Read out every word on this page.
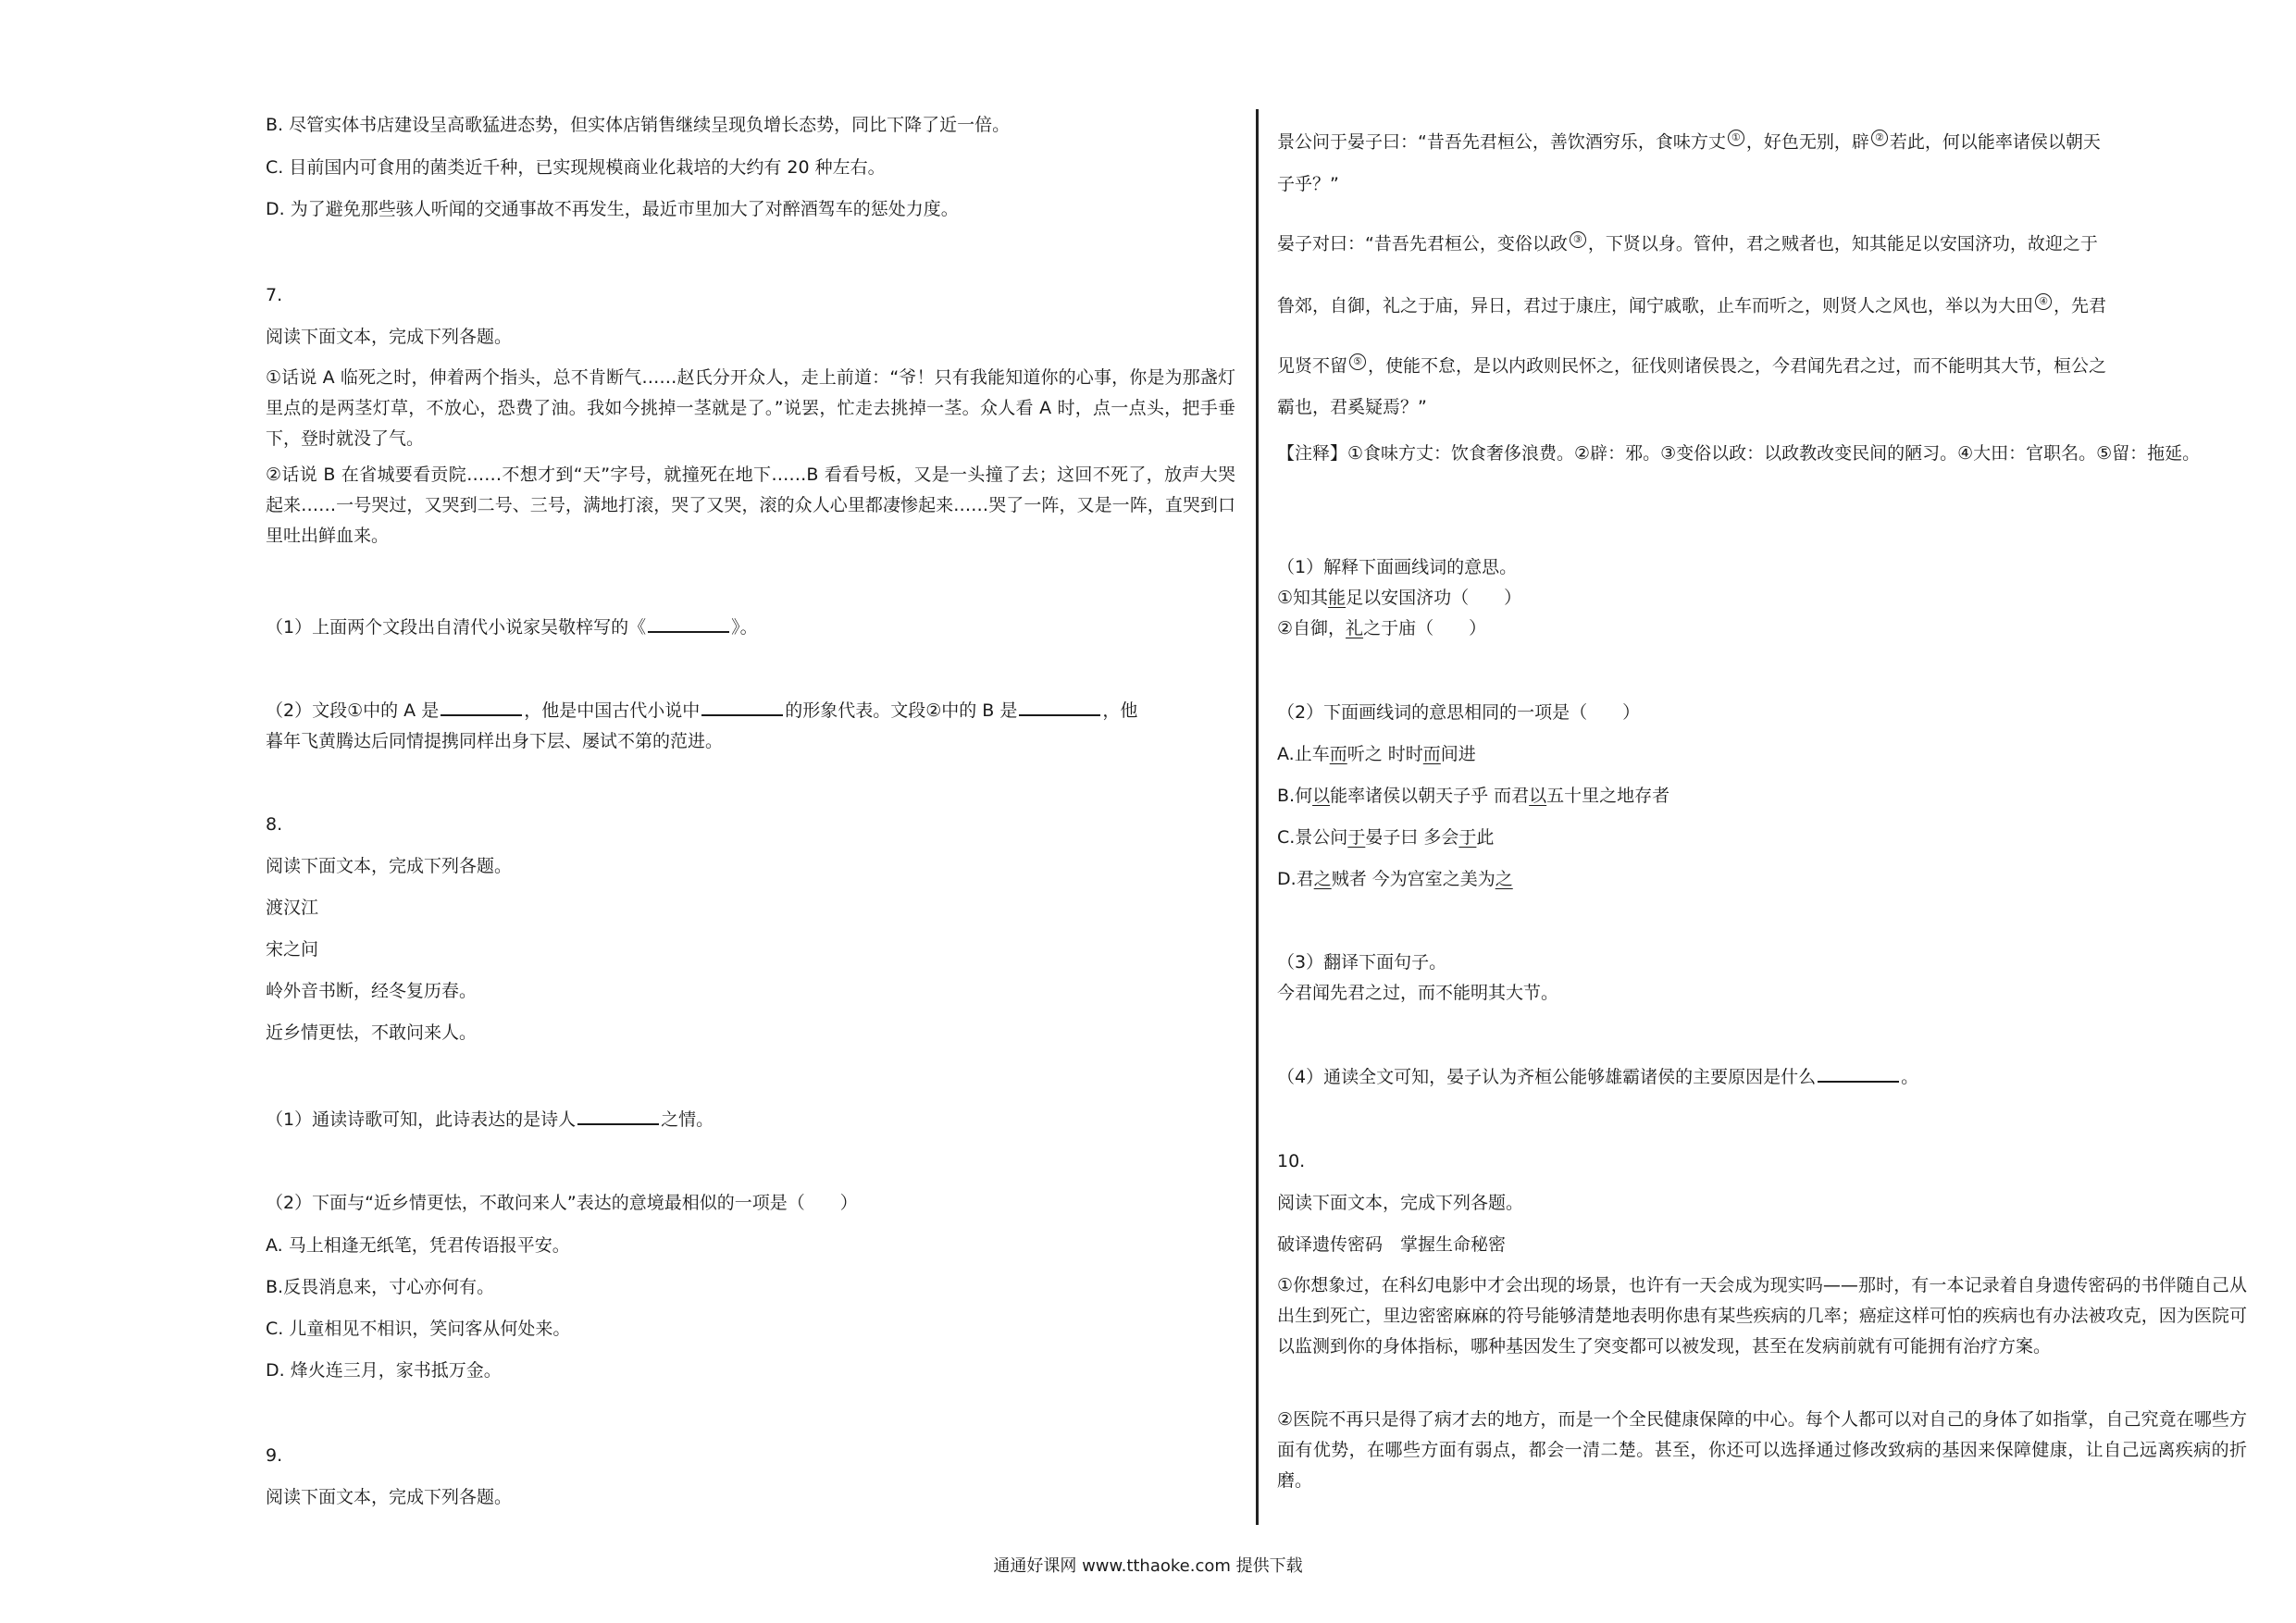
B. 尽管实体书店建设呈高歌猛进态势，但实体店销售继续呈现负增长态势，同比下降了近一倍。
C. 目前国内可食用的菌类近千种，已实现规模商业化栽培的大约有 20 种左右。
D. 为了避免那些骇人听闻的交通事故不再发生，最近市里加大了对醉酒驾车的惩处力度。
7.
阅读下面文本，完成下列各题。
①话说 A 临死之时，伸着两个指头，总不肯断气……赵氏分开众人，走上前道：“爷！只有我能知道你的心事，你是为那盏灯里点的是两茎灯草，不放心，恐费了油。我如今挑掉一茎就是了。”说罢，忙走去挑掉一茎。众人看 A 时，点一点头，把手垂下，登时就没了气。
②话说 B 在省城要看贡院……不想才到“天”字号，就撞死在地下……B 看看号板，又是一头撞了去；这回不死了，放声大哭起来……一号哭过，又哭到二号、三号，满地打滚，哭了又哭，滚的众人心里都凄惨起来……哭了一阵，又是一阵，直哭到口里吐出鲜血来。
（1）上面两个文段出自清代小说家吴敬梓写的《	》。
（2）文段①中的 A 是	，他是中国古代小说中	的形象代表。文段②中的 B 是	，他
暮年飞黄腾达后同情提携同样出身下层、屡试不第的范进。
8.
阅读下面文本，完成下列各题。
渡汉江
宋之问
岭外音书断，经冬复历春。
近乡情更怯，不敢问来人。
（1）通读诗歌可知，此诗表达的是诗人	之情。
（2）下面与“近乡情更怯，不敢问来人”表达的意境最相似的一项是（　　）
A. 马上相逢无纸笔，凭君传语报平安。
B.反畏消息来，寸心亦何有。
C. 儿童相见不相识，笑问客从何处来。
D. 烽火连三月，家书抵万金。
9.
阅读下面文本，完成下列各题。
景公问于晏子曰：“昔吾先君桓公，善饮酒穷乐，食味方丈 ① ，好色无别，辟 ② 若此，何以能率诸侯以朝天
子乎？”
晏子对曰：“昔吾先君桓公，变俗以政 ③ ，下贤以身。管仲，君之贼者也，知其能足以安国济功，故迎之于
鲁郊，自御，礼之于庙，异日，君过于康庄，闻宁戚歌，止车而听之，则贤人之风也，举以为大田 ④ ，先君
见贤不留 ⑤ ，使能不怠，是以内政则民怀之，征伐则诸侯畏之，今君闻先君之过，而不能明其大节，桓公之
霸也，君奚疑焉？”
【注释】①食味方丈：饮食奢侈浪费。②辟：邪。③变俗以政：以政教改变民间的陋习。④大田：官职名。⑤留：拖延。
（1）解释下面画线词的意思。
①知其能足以安国济功（　　）
②自御，礼之于庙（　　）
（2）下面画线词的意思相同的一项是（　　）
A.止车而听之 时时而间进
B.何以能率诸侯以朝天子乎 而君以五十里之地存者
C.景公问于晏子曰 多会于此
D.君之贼者 今为宫室之美为之
（3）翻译下面句子。
今君闻先君之过，而不能明其大节。
（4）通读全文可知，晏子认为齐桓公能够雄霸诸侯的主要原因是什么	。
10.
阅读下面文本，完成下列各题。
破译遗传密码　掌握生命秘密
①你想象过，在科幻电影中才会出现的场景，也许有一天会成为现实吗——那时，有一本记录着自身遗传密码的书伴随自己从出生到死亡，里边密密麻麻的符号能够清楚地表明你患有某些疾病的几率；癌症这样可怕的疾病也有办法被攻克，因为医院可以监测到你的身体指标，哪种基因发生了突变都可以被发现，甚至在发病前就有可能拥有治疗方案。
②医院不再只是得了病才去的地方，而是一个全民健康保障的中心。每个人都可以对自己的身体了如指掌，自己究竟在哪些方面有优势，在哪些方面有弱点，都会一清二楚。甚至，你还可以选择通过修改致病的基因来保障健康，让自己远离疾病的折磨。
通通好课网 www.tthaoke.com 提供下载
